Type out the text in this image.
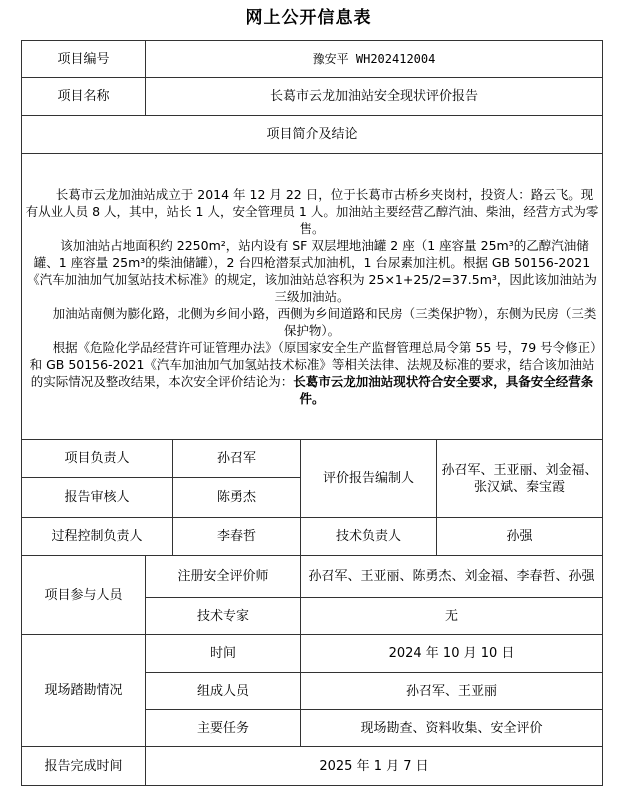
网上公开信息表
项目编号	豫安平 WH202412004			
项目名称	长葛市云龙加油站安全现状评价报告			
项目简介及结论				

长葛市云龙加油站成立于 2014 年 12 月 22 日，位于长葛市古桥乡夹岗村，投资人：路云飞。现有从业人员 8 人，其中，站长 1 人，安全管理员 1 人。加油站主要经营乙醇汽油、柴油，经营方式为零售。

该加油站占地面积约 2250m²，站内设有 SF 双层埋地油罐 2 座（1 座容量 25m³的乙醇汽油储罐、1 座容量 25m³的柴油储罐），2 台四枪潜泵式加油机，1 台尿素加注机。根据 GB 50156-2021《汽车加油加气加氢站技术标准》的规定，该加油站总容积为 25×1+25/2=37.5m³，因此该加油站为三级加油站。

加油站南侧为膨化路，北侧为乡间小路，西侧为乡间道路和民房（三类保护物），东侧为民房（三类保护物）。

根据《危险化学品经营许可证管理办法》（原国家安全生产监督管理总局令第 55 号，79 号令修正）和 GB 50156-2021《汽车加油加气加氢站技术标准》等相关法律、法规及标准的要求，结合该加油站的实际情况及整改结果，本次安全评价结论为：长葛市云龙加油站现状符合安全要求，具备安全经营条件。				

项目负责人		孙召军	评价报告编制人	孙召军、王亚丽、刘金福、张汉斌、秦宝霞
报告审核人		陈勇杰		
过程控制负责人		李春哲	技术负责人	孙强
项目参与人员	注册安全评价师		孙召军、王亚丽、陈勇杰、刘金福、李春哲、孙强	
	技术专家		无	
现场踏勘情况	时间		2024 年 10 月 10 日	
	组成人员		孙召军、王亚丽	
	主要任务		现场勘查、资料收集、安全评价	
报告完成时间	2025 年 1 月 7 日			
